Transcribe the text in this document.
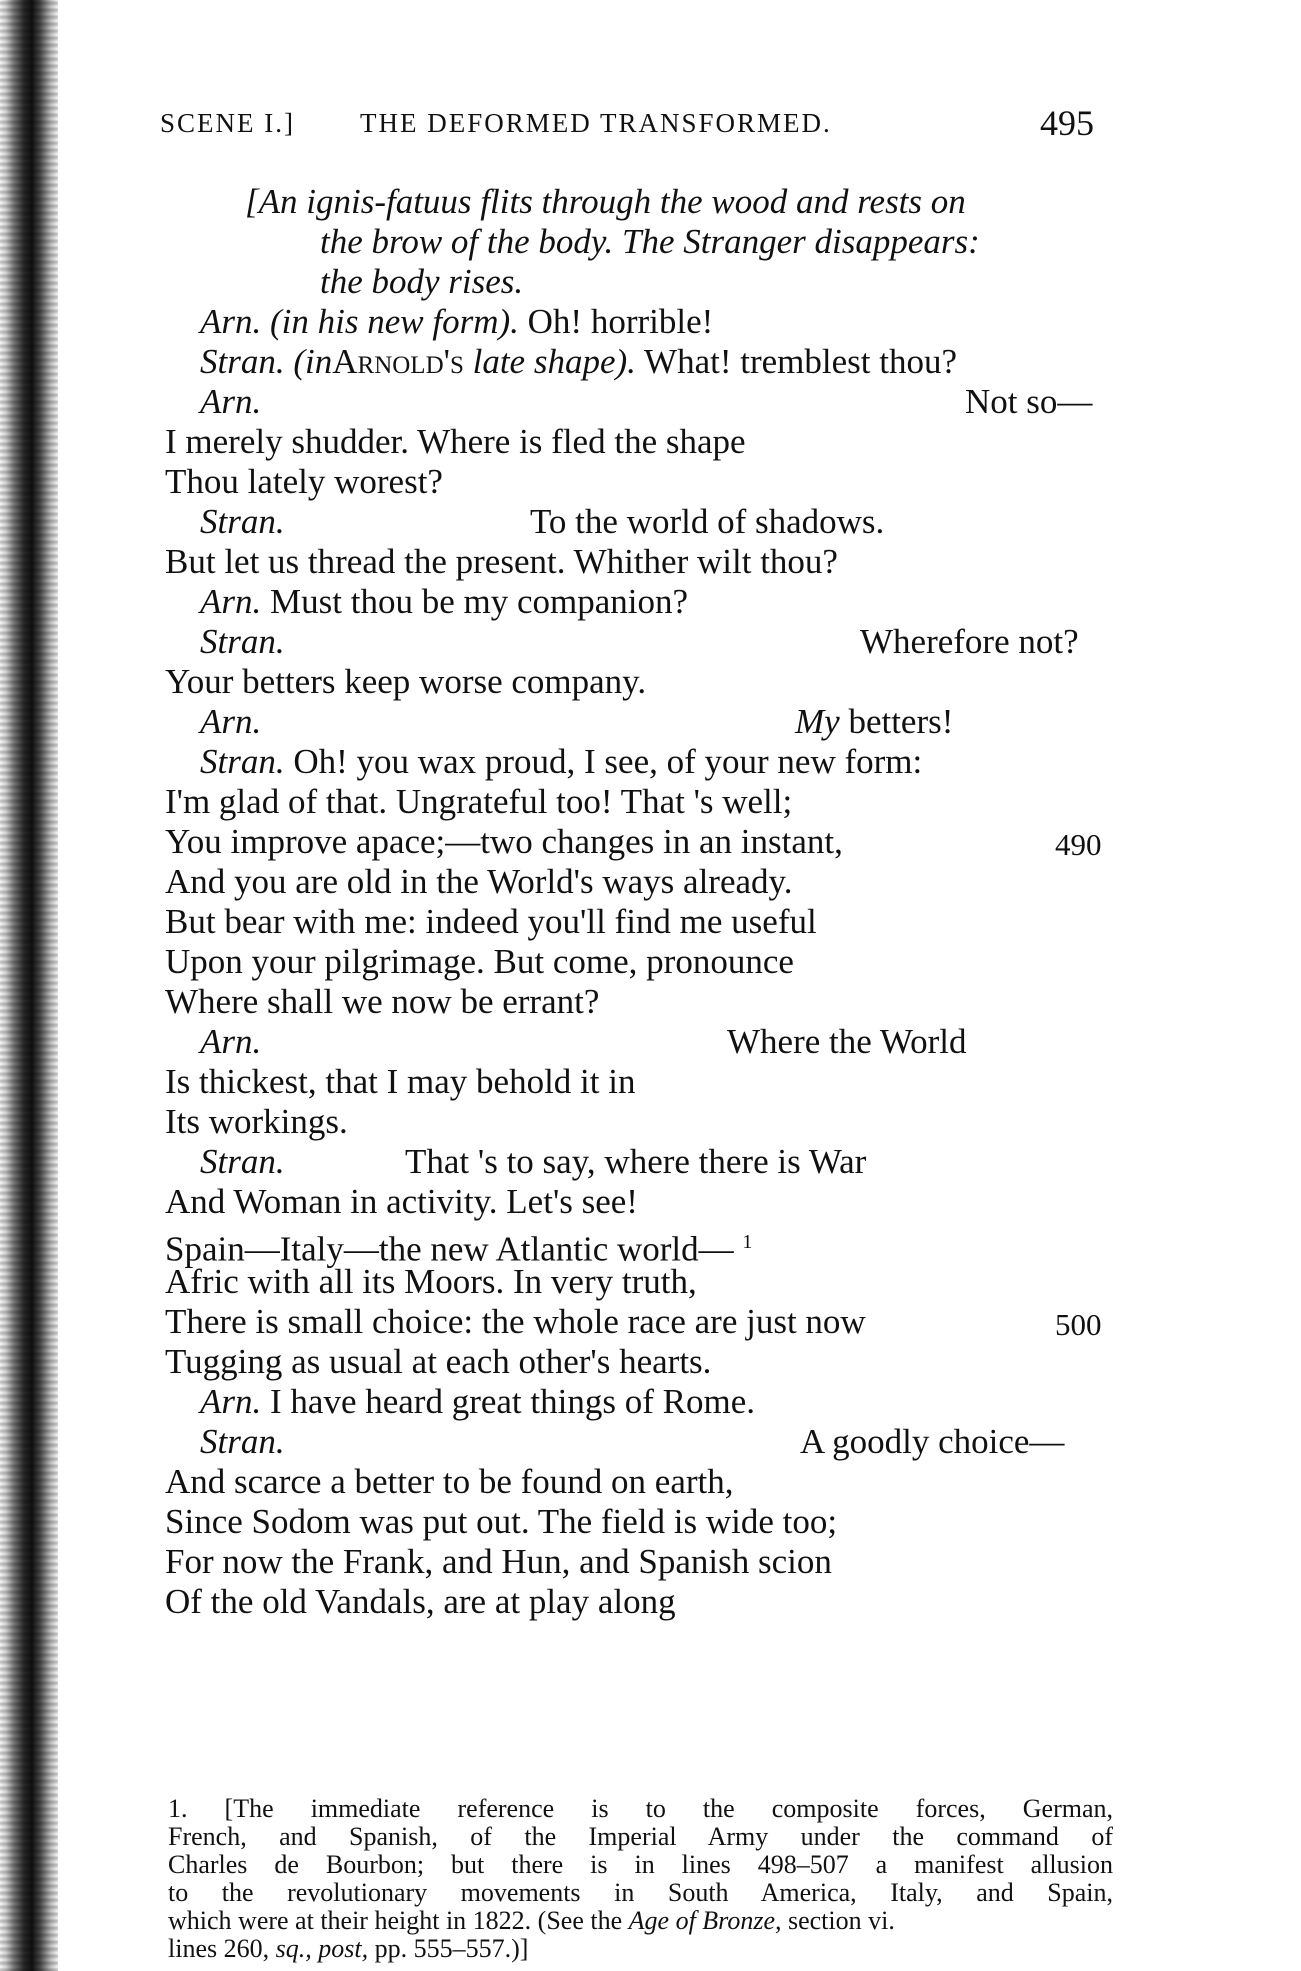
SCENE I.] THE DEFORMED TRANSFORMED.	495
[An ignis-fatuus flits through the wood and rests on
the brow of the body. The Stranger disappears:
the body rises.
Arn. (in his new form). Oh! horrible!
Stran. (inArnold's late shape). What! tremblest thou?
Arn.	Not so—
I merely shudder. Where is fled the shape
Thou lately worest?
Stran.	To the world of shadows.
But let us thread the present. Whither wilt thou?
Arn. Must thou be my companion?
Stran.	Wherefore not?
Your betters keep worse company.
Arn.	My betters!
Stran. Oh! you wax proud, I see, of your new form:
I'm glad of that. Ungrateful too! That 's well;
You improve apace;—two changes in an instant,	490
And you are old in the World's ways already.
But bear with me: indeed you'll find me useful
Upon your pilgrimage. But come, pronounce
Where shall we now be errant?
Arn.	Where the World
Is thickest, that I may behold it in
Its workings.
Stran.	That 's to say, where there is War
And Woman in activity. Let's see!
Spain—Italy—the new Atlantic world— $^1$
Afric with all its Moors. In very truth,
There is small choice: the whole race are just now	500
Tugging as usual at each other's hearts.
Arn. I have heard great things of Rome.
Stran.	A goodly choice—
And scarce a better to be found on earth,
Since Sodom was put out. The field is wide too;
For now the Frank, and Hun, and Spanish scion
Of the old Vandals, are at play along
1. [The immediate reference is to the composite forces, German,
French, and Spanish, of the Imperial Army under the command of
Charles de Bourbon; but there is in lines 498–507 a manifest allusion
to the revolutionary movements in South America, Italy, and Spain,
which were at their height in 1822. (See the Age of Bronze, section vi.
lines 260, sq., post, pp. 555–557.)]
